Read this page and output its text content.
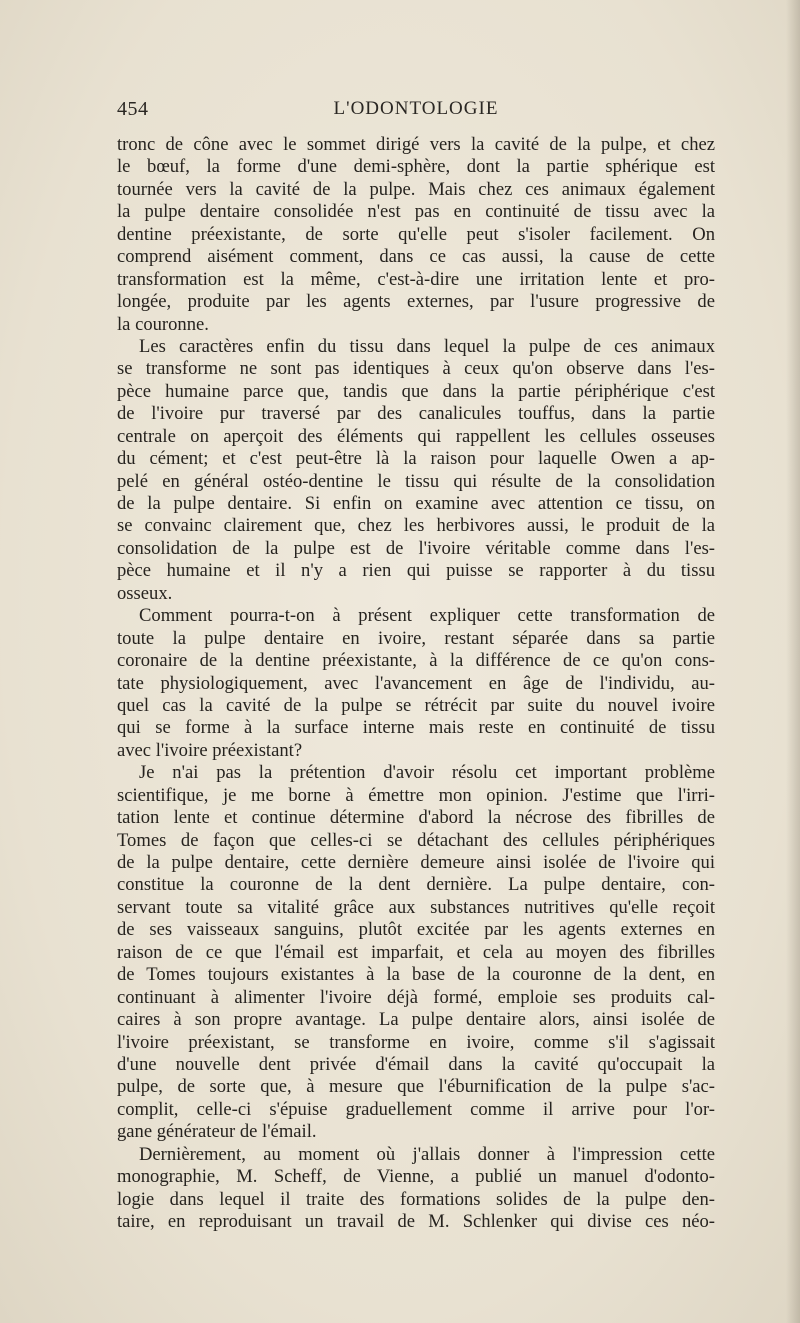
454	L'ODONTOLOGIE
tronc de cône avec le sommet dirigé vers la cavité de la pulpe, et chez
le bœuf, la forme d'une demi-sphère, dont la partie sphérique est
tournée vers la cavité de la pulpe. Mais chez ces animaux également
la pulpe dentaire consolidée n'est pas en continuité de tissu avec la
dentine préexistante, de sorte qu'elle peut s'isoler facilement. On
comprend aisément comment, dans ce cas aussi, la cause de cette
transformation est la même, c'est-à-dire une irritation lente et pro-
longée, produite par les agents externes, par l'usure progressive de
la couronne.
Les caractères enfin du tissu dans lequel la pulpe de ces animaux
se transforme ne sont pas identiques à ceux qu'on observe dans l'es-
pèce humaine parce que, tandis que dans la partie périphérique c'est
de l'ivoire pur traversé par des canalicules touffus, dans la partie
centrale on aperçoit des éléments qui rappellent les cellules osseuses
du cément; et c'est peut-être là la raison pour laquelle Owen a ap-
pelé en général ostéo-dentine le tissu qui résulte de la consolidation
de la pulpe dentaire. Si enfin on examine avec attention ce tissu, on
se convainc clairement que, chez les herbivores aussi, le produit de la
consolidation de la pulpe est de l'ivoire véritable comme dans l'es-
pèce humaine et il n'y a rien qui puisse se rapporter à du tissu
osseux.
Comment pourra-t-on à présent expliquer cette transformation de
toute la pulpe dentaire en ivoire, restant séparée dans sa partie
coronaire de la dentine préexistante, à la différence de ce qu'on cons-
tate physiologiquement, avec l'avancement en âge de l'individu, au-
quel cas la cavité de la pulpe se rétrécit par suite du nouvel ivoire
qui se forme à la surface interne mais reste en continuité de tissu
avec l'ivoire préexistant?
Je n'ai pas la prétention d'avoir résolu cet important problème
scientifique, je me borne à émettre mon opinion. J'estime que l'irri-
tation lente et continue détermine d'abord la nécrose des fibrilles de
Tomes de façon que celles-ci se détachant des cellules périphériques
de la pulpe dentaire, cette dernière demeure ainsi isolée de l'ivoire qui
constitue la couronne de la dent dernière. La pulpe dentaire, con-
servant toute sa vitalité grâce aux substances nutritives qu'elle reçoit
de ses vaisseaux sanguins, plutôt excitée par les agents externes en
raison de ce que l'émail est imparfait, et cela au moyen des fibrilles
de Tomes toujours existantes à la base de la couronne de la dent, en
continuant à alimenter l'ivoire déjà formé, emploie ses produits cal-
caires à son propre avantage. La pulpe dentaire alors, ainsi isolée de
l'ivoire préexistant, se transforme en ivoire, comme s'il s'agissait
d'une nouvelle dent privée d'émail dans la cavité qu'occupait la
pulpe, de sorte que, à mesure que l'éburnification de la pulpe s'ac-
complit, celle-ci s'épuise graduellement comme il arrive pour l'or-
gane générateur de l'émail.
Dernièrement, au moment où j'allais donner à l'impression cette
monographie, M. Scheff, de Vienne, a publié un manuel d'odonto-
logie dans lequel il traite des formations solides de la pulpe den-
taire, en reproduisant un travail de M. Schlenker qui divise ces néo-
